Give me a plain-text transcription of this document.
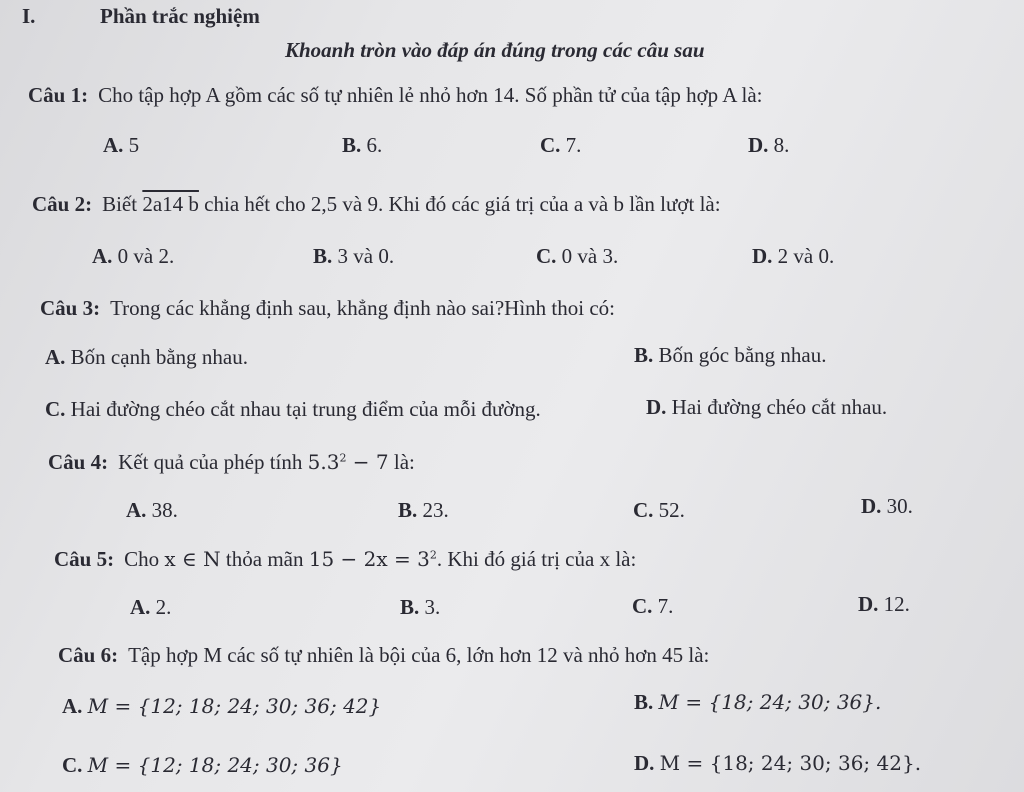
I.	Phần trắc nghiệm
Khoanh tròn vào đáp án đúng trong các câu sau
Câu 1: Cho tập hợp A gồm các số tự nhiên lẻ nhỏ hơn 14. Số phần tử của tập hợp A là:
A. 5	B. 6.	C. 7.	D. 8.
Câu 2: Biết 2a14 b chia hết cho 2,5 và 9. Khi đó các giá trị của a và b lần lượt là:
A. 0 và 2.	B. 3 và 0.	C. 0 và 3.	D. 2 và 0.
Câu 3: Trong các khẳng định sau, khẳng định nào sai?Hình thoi có:
A. Bốn cạnh bằng nhau.	B. Bốn góc bằng nhau.
C. Hai đường chéo cắt nhau tại trung điểm của mỗi đường.	D. Hai đường chéo cắt nhau.
Câu 4: Kết quả của phép tính $5.3^2 - 7$ là:
A. 38.	B. 23.	C. 52.	D. 30.
Câu 5: Cho x ∈ N thỏa mãn $15 - 2x = 3^2$. Khi đó giá trị của x là:
A. 2.	B. 3.	C. 7.	D. 12.
Câu 6: Tập hợp M các số tự nhiên là bội của 6, lớn hơn 12 và nhỏ hơn 45 là:
A. M = {12; 18; 24; 30; 36; 42}	B. M = {18; 24; 30; 36}.
C. M = {12; 18; 24; 30; 36}	D. M = {18; 24; 30; 36; 42}.
